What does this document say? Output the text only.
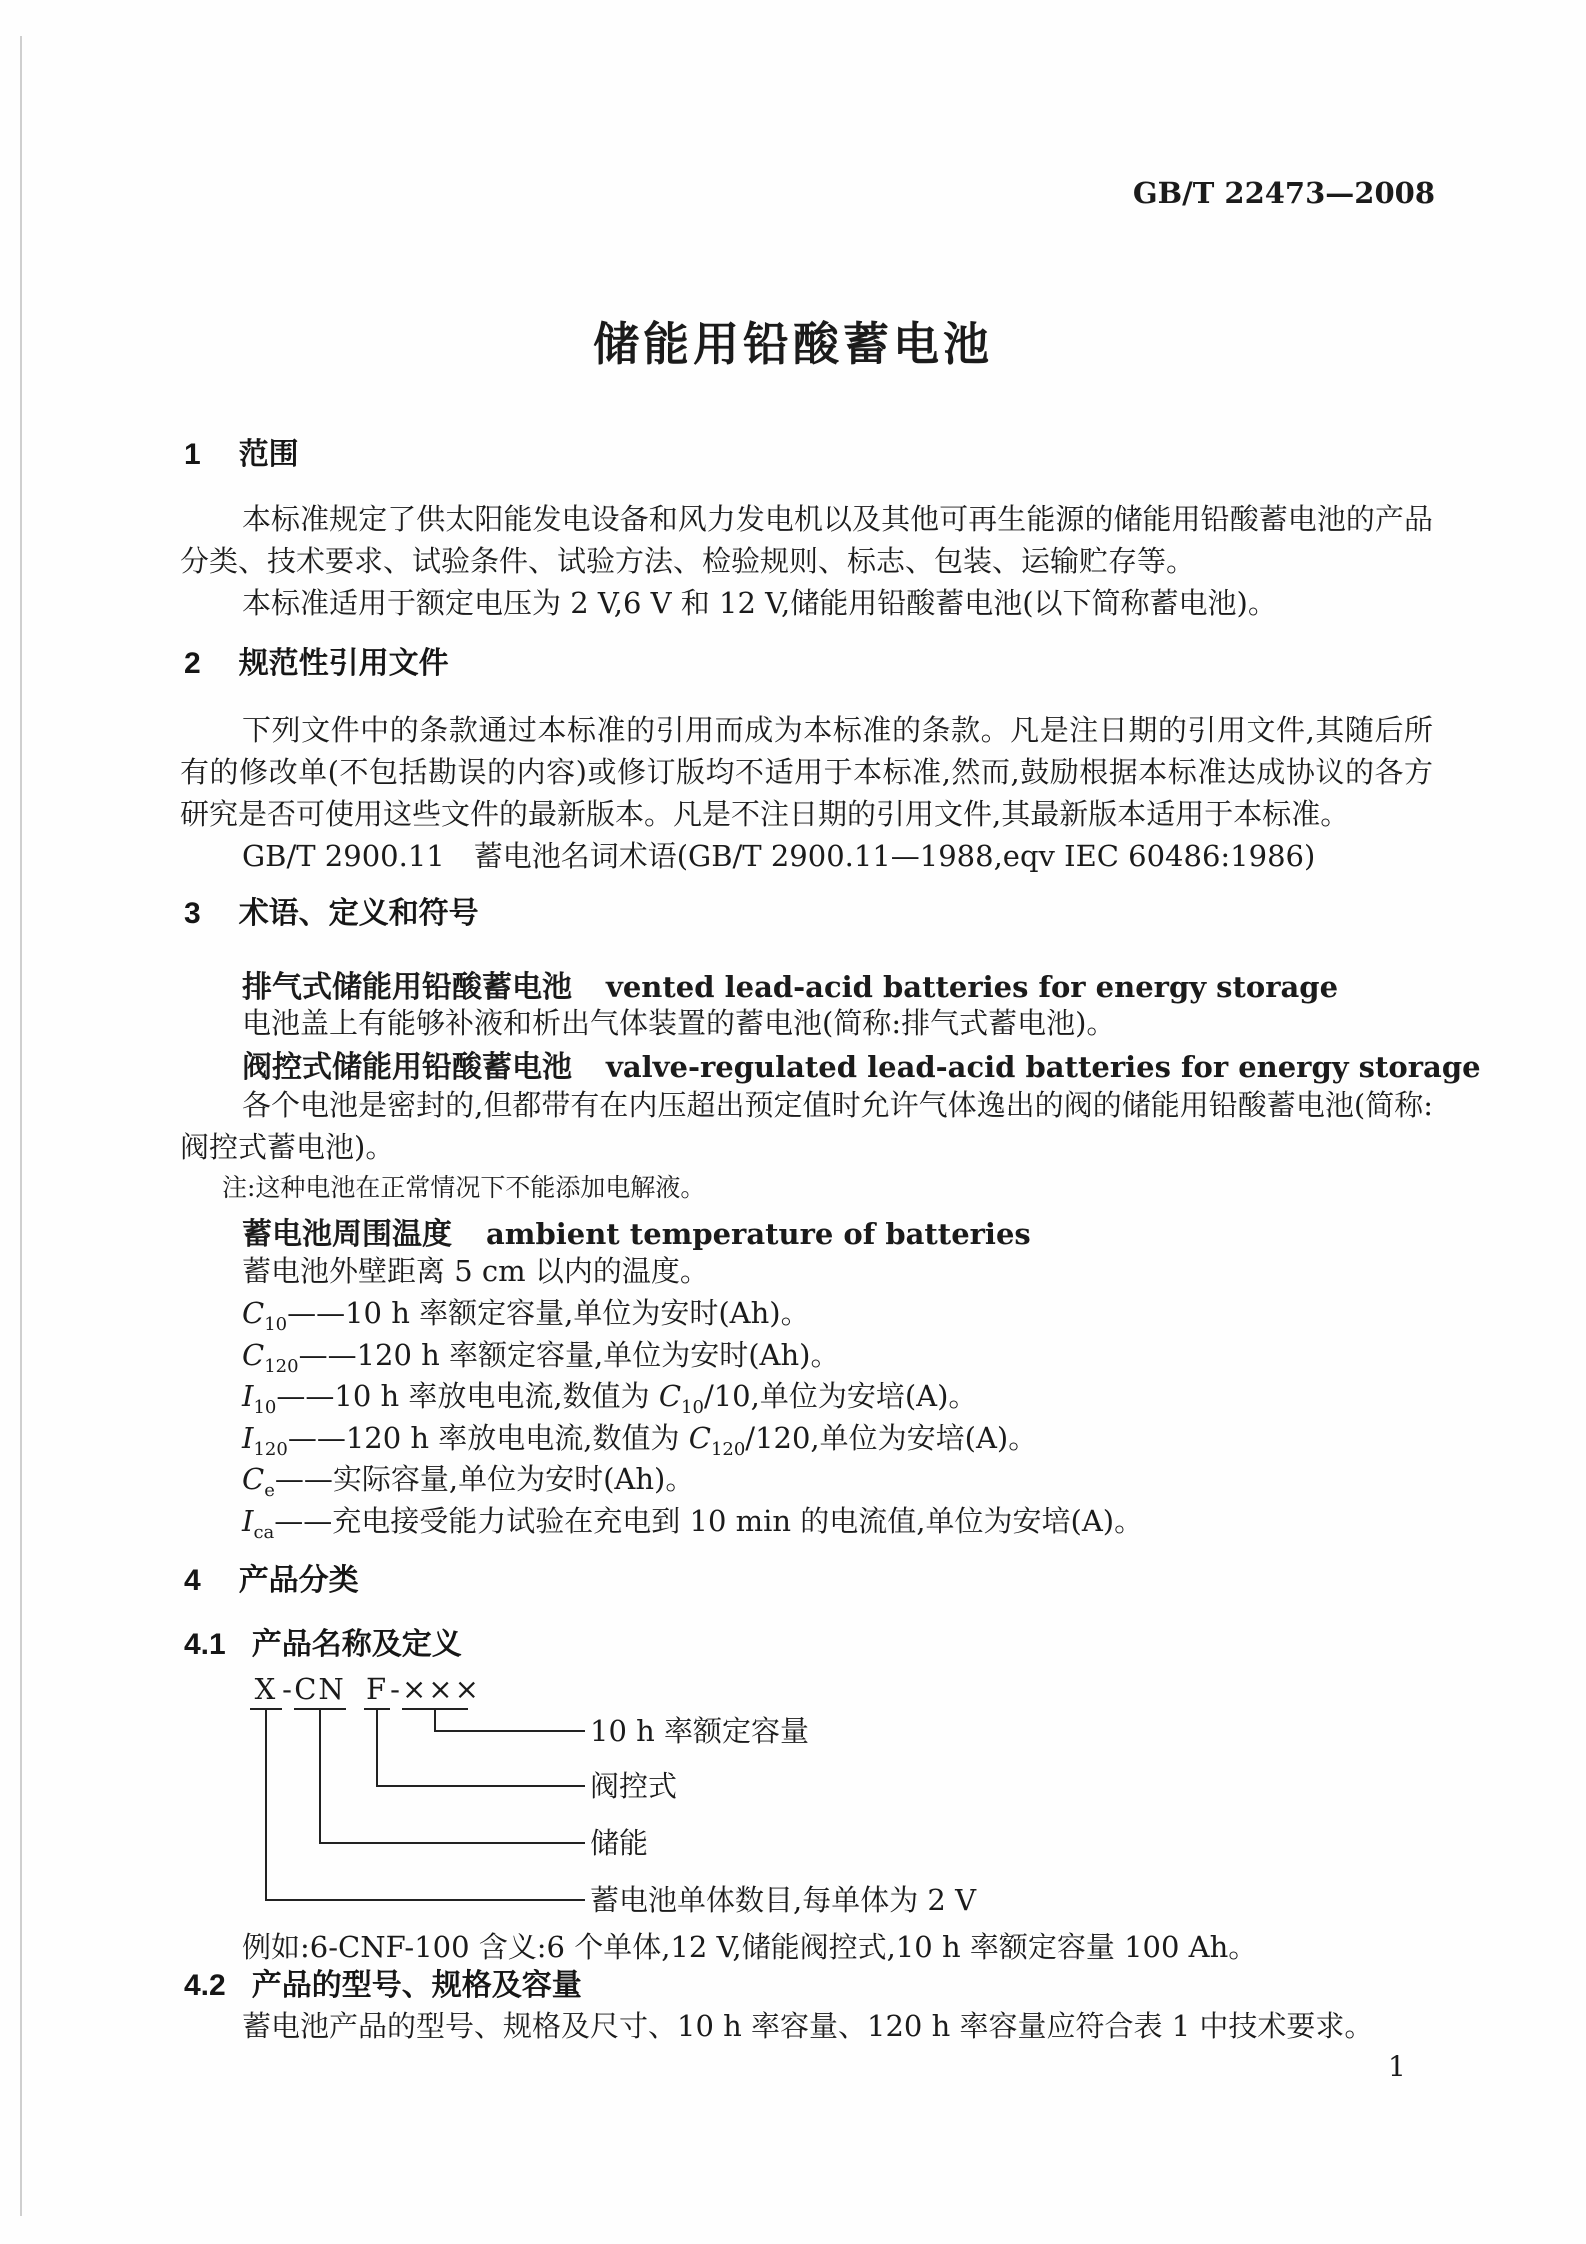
GB/T 22473—2008
储能用铅酸蓄电池
1 范围
本标准规定了供太阳能发电设备和风力发电机以及其他可再生能源的储能用铅酸蓄电池的产品分类、技术要求、试验条件、试验方法、检验规则、标志、包装、运输贮存等。
本标准适用于额定电压为 2 V,6 V 和 12 V,储能用铅酸蓄电池(以下简称蓄电池)。
2 规范性引用文件
下列文件中的条款通过本标准的引用而成为本标准的条款。凡是注日期的引用文件,其随后所有的修改单(不包括勘误的内容)或修订版均不适用于本标准,然而,鼓励根据本标准达成协议的各方研究是否可使用这些文件的最新版本。凡是不注日期的引用文件,其最新版本适用于本标准。
GB/T 2900.11　蓄电池名词术语(GB/T 2900.11—1988,eqv IEC 60486:1986)
3 术语、定义和符号
排气式储能用铅酸蓄电池 vented lead-acid batteries for energy storage
电池盖上有能够补液和析出气体装置的蓄电池(简称:排气式蓄电池)。
阀控式储能用铅酸蓄电池 valve-regulated lead-acid batteries for energy storage
各个电池是密封的,但都带有在内压超出预定值时允许气体逸出的阀的储能用铅酸蓄电池(简称:阀控式蓄电池)。
注:这种电池在正常情况下不能添加电解液。
蓄电池周围温度 ambient temperature of batteries
蓄电池外壁距离 5 cm 以内的温度。
$C_{10}——10$ h 率额定容量,单位为安时(Ah)。
$C_{120}——120$ h 率额定容量,单位为安时(Ah)。
$I_{10}——10$ h 率放电电流,数值为 $C_{10}/10$,单位为安培(A)。
$I_{120}——120$ h 率放电电流,数值为 $C_{120}/120$,单位为安培(A)。
$C_e——$实际容量,单位为安时(Ah)。
$I_{ca}——$充电接受能力试验在充电到 10 min 的电流值,单位为安培(A)。
4 产品分类
4.1 产品名称及定义
X - CN F - ×××
10 h 率额定容量
阀控式
储能
蓄电池单体数目,每单体为 2 V
例如:6-CNF-100 含义:6 个单体,12 V,储能阀控式,10 h 率额定容量 100 Ah。
4.2 产品的型号、规格及容量
蓄电池产品的型号、规格及尺寸、10 h 率容量、120 h 率容量应符合表 1 中技术要求。
1
